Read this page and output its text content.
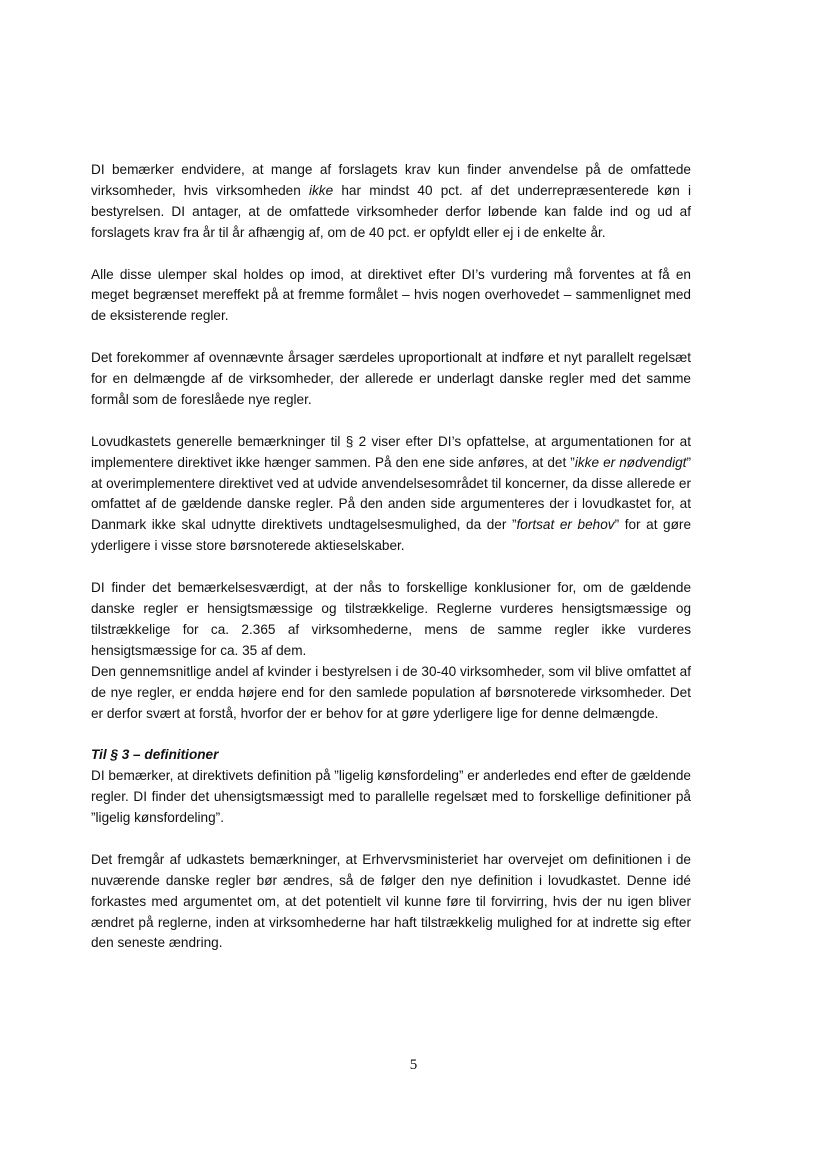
DI bemærker endvidere, at mange af forslagets krav kun finder anvendelse på de omfattede virksomheder, hvis virksomheden ikke har mindst 40 pct. af det underrepræsenterede køn i bestyrelsen. DI antager, at de omfattede virksomheder derfor løbende kan falde ind og ud af forslagets krav fra år til år afhængig af, om de 40 pct. er opfyldt eller ej i de enkelte år.

Alle disse ulemper skal holdes op imod, at direktivet efter DI’s vurdering må forventes at få en meget begrænset mereffekt på at fremme formålet – hvis nogen overhovedet – sammenlignet med de eksisterende regler.

Det forekommer af ovennævnte årsager særdeles uproportionalt at indføre et nyt parallelt regelsæt for en delmængde af de virksomheder, der allerede er underlagt danske regler med det samme formål som de foreslåede nye regler.

Lovudkastets generelle bemærkninger til § 2 viser efter DI’s opfattelse, at argumentationen for at implementere direktivet ikke hænger sammen. På den ene side anføres, at det ”ikke er nødvendigt” at overimplementere direktivet ved at udvide anvendelsesområdet til koncerner, da disse allerede er omfattet af de gældende danske regler. På den anden side argumenteres der i lovudkastet for, at Danmark ikke skal udnytte direktivets undtagelsesmulighed, da der ”fortsat er behov” for at gøre yderligere i visse store børsnoterede aktieselskaber.

DI finder det bemærkelsesværdigt, at der nås to forskellige konklusioner for, om de gældende danske regler er hensigtsmæssige og tilstrækkelige. Reglerne vurderes hensigtsmæssige og tilstrækkelige for ca. 2.365 af virksomhederne, mens de samme regler ikke vurderes hensigtsmæssige for ca. 35 af dem.

Den gennemsnitlige andel af kvinder i bestyrelsen i de 30-40 virksomheder, som vil blive omfattet af de nye regler, er endda højere end for den samlede population af børsnoterede virksomheder. Det er derfor svært at forstå, hvorfor der er behov for at gøre yderligere lige for denne delmængde.

Til § 3 – definitioner

DI bemærker, at direktivets definition på ”ligelig kønsfordeling” er anderledes end efter de gældende regler. DI finder det uhensigtsmæssigt med to parallelle regelsæt med to forskellige definitioner på ”ligelig kønsfordeling”.

Det fremgår af udkastets bemærkninger, at Erhvervsministeriet har overvejet om definitionen i de nuværende danske regler bør ændres, så de følger den nye definition i lovudkastet. Denne idé forkastes med argumentet om, at det potentielt vil kunne føre til forvirring, hvis der nu igen bliver ændret på reglerne, inden at virksomhederne har haft tilstrækkelig mulighed for at indrette sig efter den seneste ændring.

5
